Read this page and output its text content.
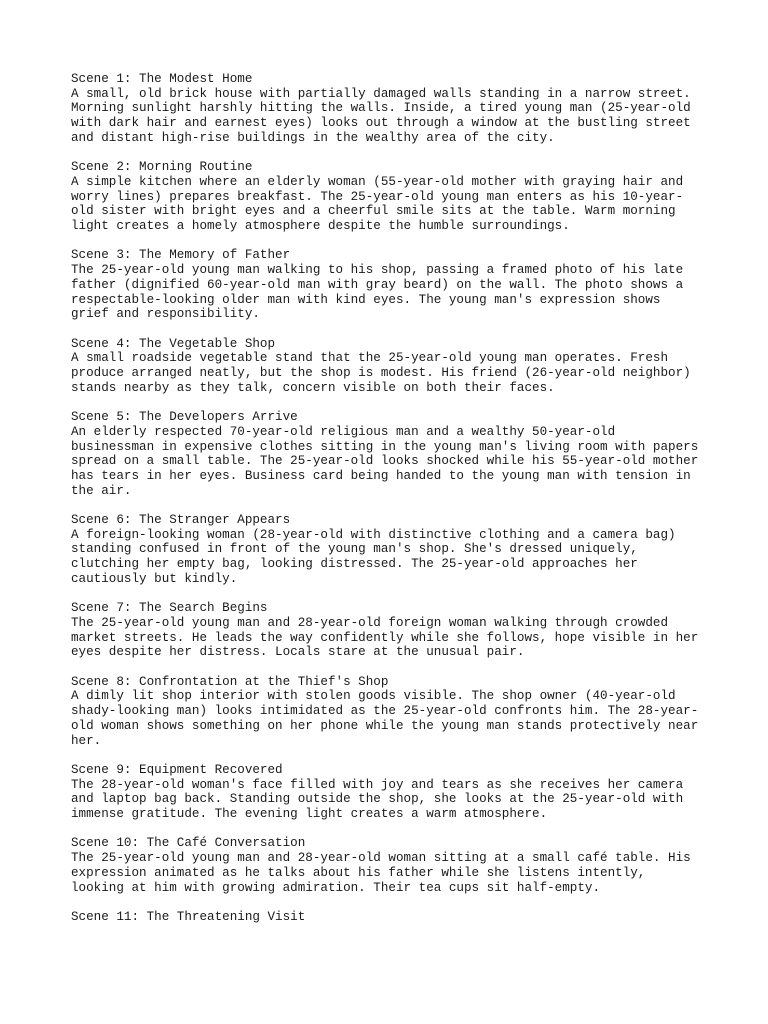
Scene 1: The Modest Home
A small, old brick house with partially damaged walls standing in a narrow street.
Morning sunlight harshly hitting the walls. Inside, a tired young man (25-year-old
with dark hair and earnest eyes) looks out through a window at the bustling street
and distant high-rise buildings in the wealthy area of the city.
Scene 2: Morning Routine
A simple kitchen where an elderly woman (55-year-old mother with graying hair and
worry lines) prepares breakfast. The 25-year-old young man enters as his 10-year-
old sister with bright eyes and a cheerful smile sits at the table. Warm morning
light creates a homely atmosphere despite the humble surroundings.
Scene 3: The Memory of Father
The 25-year-old young man walking to his shop, passing a framed photo of his late
father (dignified 60-year-old man with gray beard) on the wall. The photo shows a
respectable-looking older man with kind eyes. The young man's expression shows
grief and responsibility.
Scene 4: The Vegetable Shop
A small roadside vegetable stand that the 25-year-old young man operates. Fresh
produce arranged neatly, but the shop is modest. His friend (26-year-old neighbor)
stands nearby as they talk, concern visible on both their faces.
Scene 5: The Developers Arrive
An elderly respected 70-year-old religious man and a wealthy 50-year-old
businessman in expensive clothes sitting in the young man's living room with papers
spread on a small table. The 25-year-old looks shocked while his 55-year-old mother
has tears in her eyes. Business card being handed to the young man with tension in
the air.
Scene 6: The Stranger Appears
A foreign-looking woman (28-year-old with distinctive clothing and a camera bag)
standing confused in front of the young man's shop. She's dressed uniquely,
clutching her empty bag, looking distressed. The 25-year-old approaches her
cautiously but kindly.
Scene 7: The Search Begins
The 25-year-old young man and 28-year-old foreign woman walking through crowded
market streets. He leads the way confidently while she follows, hope visible in her
eyes despite her distress. Locals stare at the unusual pair.
Scene 8: Confrontation at the Thief's Shop
A dimly lit shop interior with stolen goods visible. The shop owner (40-year-old
shady-looking man) looks intimidated as the 25-year-old confronts him. The 28-year-
old woman shows something on her phone while the young man stands protectively near
her.
Scene 9: Equipment Recovered
The 28-year-old woman's face filled with joy and tears as she receives her camera
and laptop bag back. Standing outside the shop, she looks at the 25-year-old with
immense gratitude. The evening light creates a warm atmosphere.
Scene 10: The Café Conversation
The 25-year-old young man and 28-year-old woman sitting at a small café table. His
expression animated as he talks about his father while she listens intently,
looking at him with growing admiration. Their tea cups sit half-empty.
Scene 11: The Threatening Visit
